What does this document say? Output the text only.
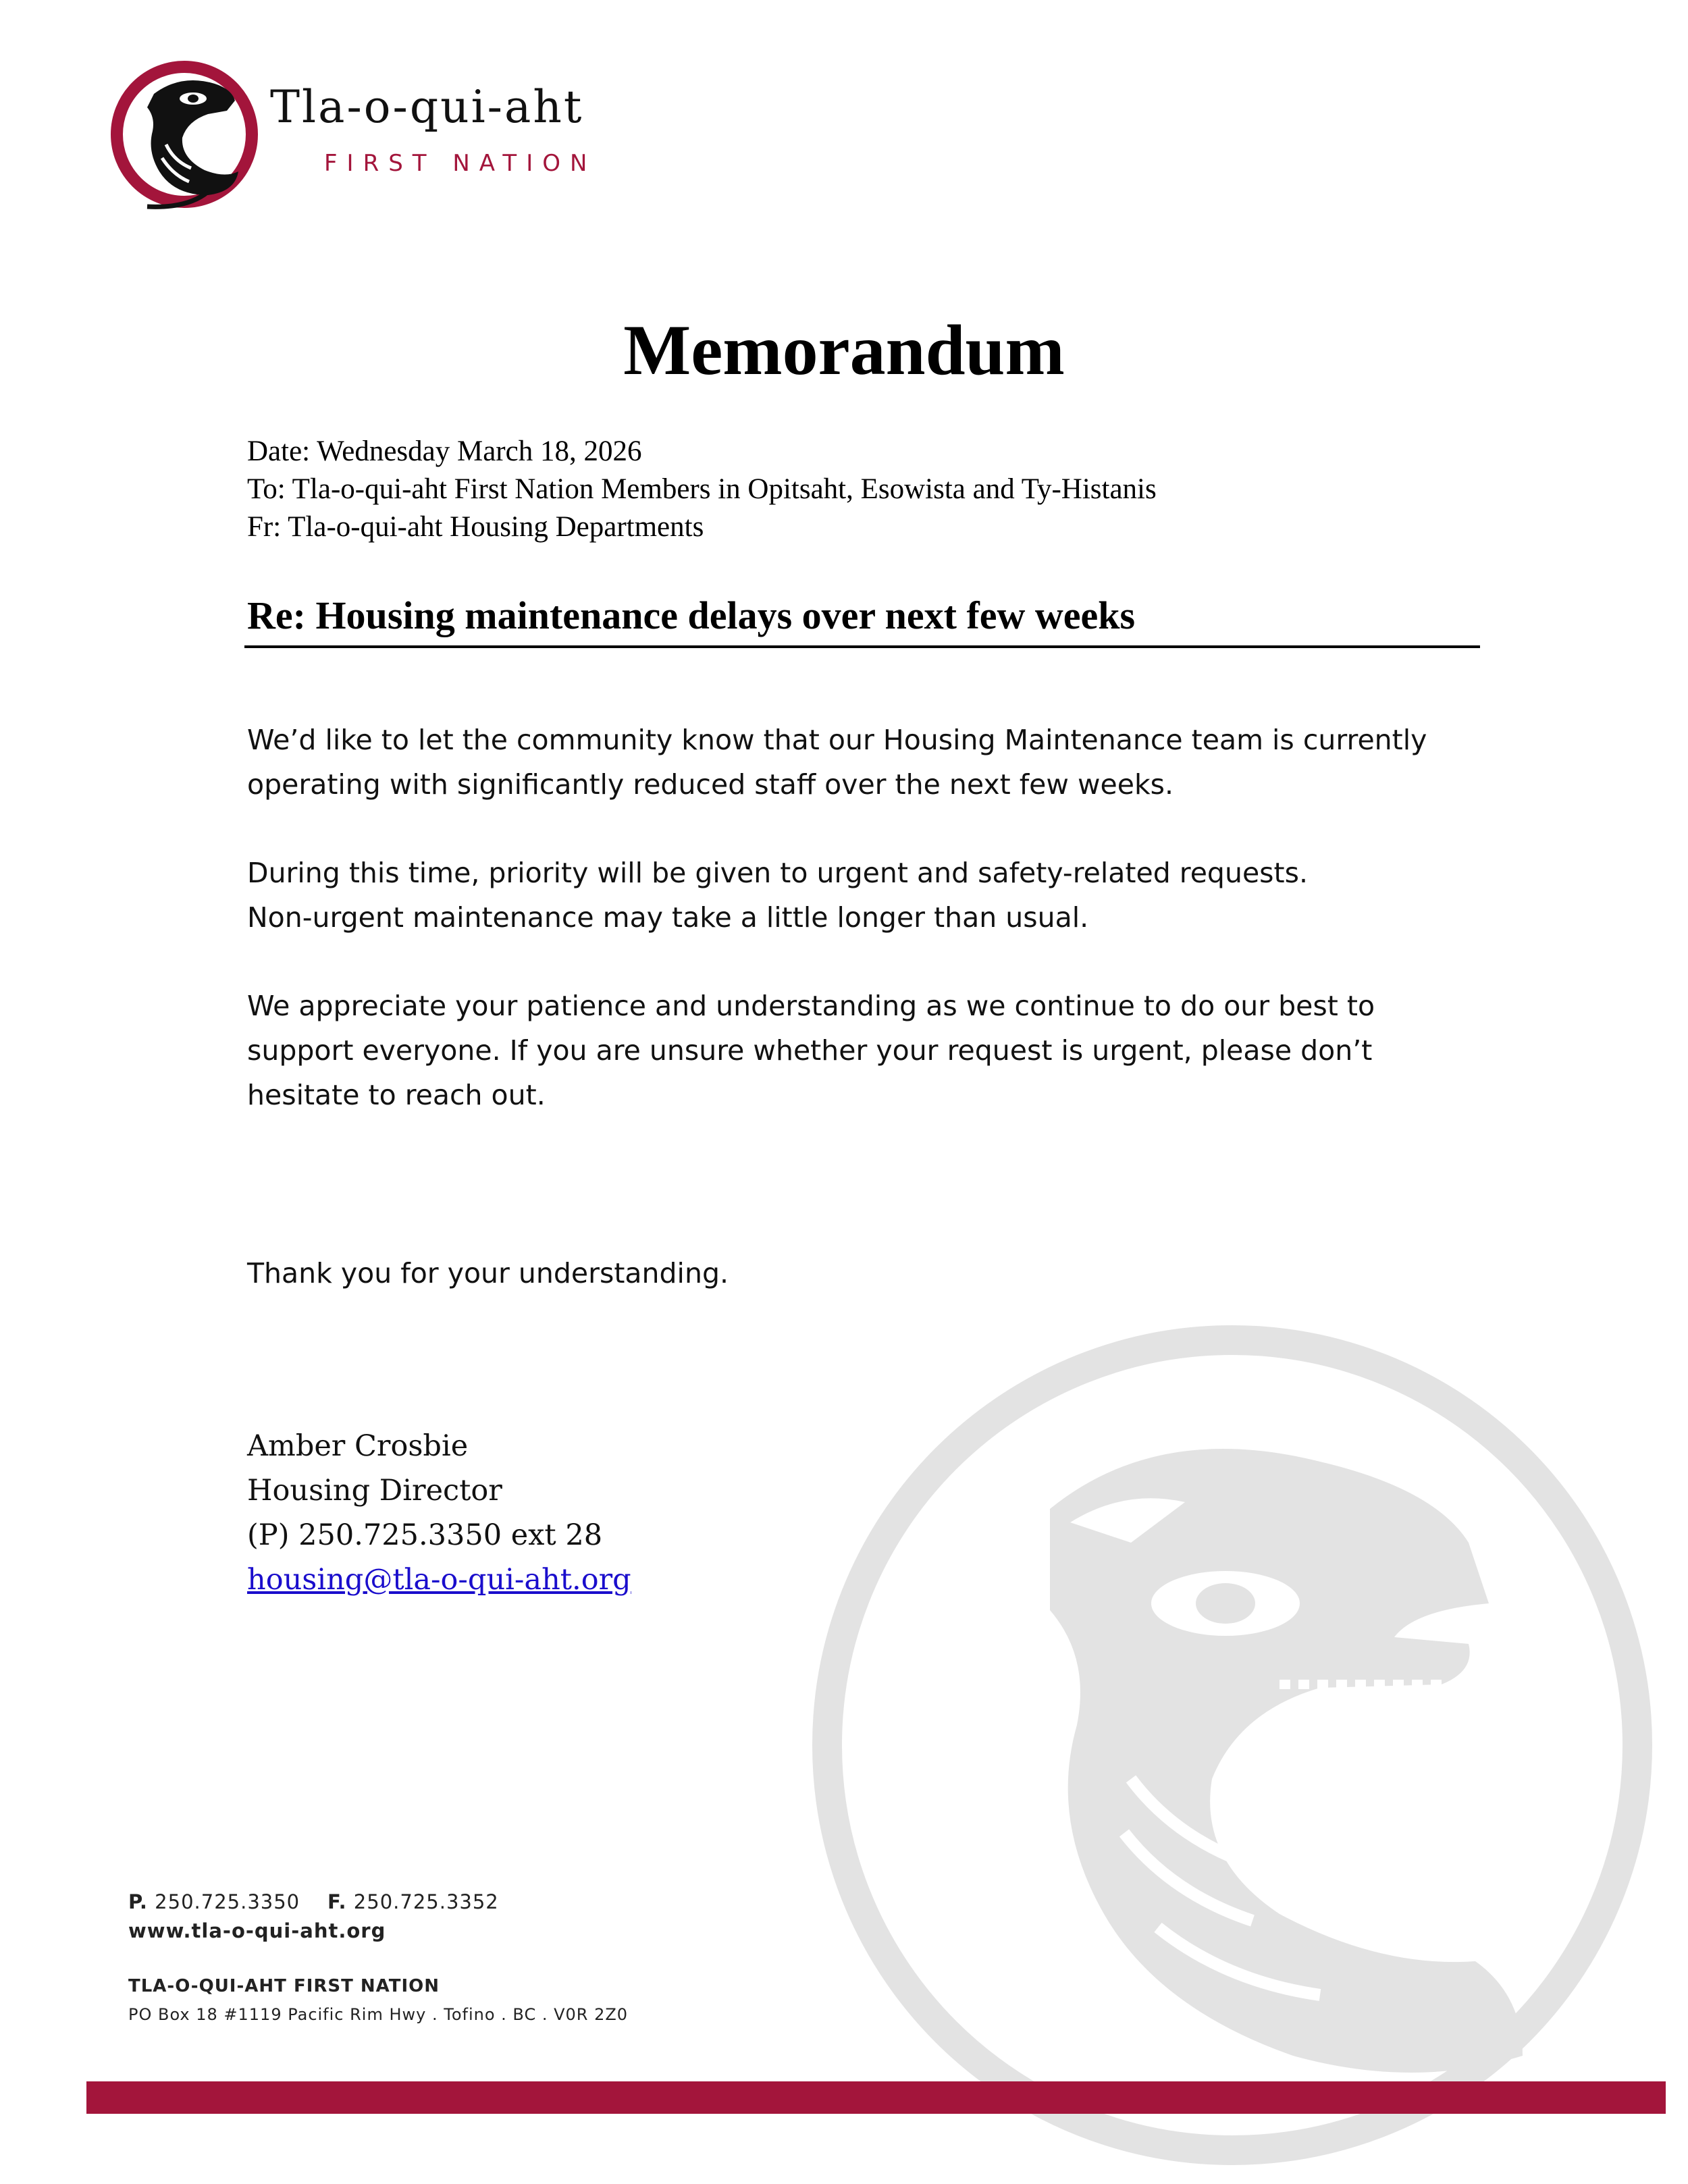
Tla-o-qui-aht
FIRST NATION
Memorandum
Date: Wednesday March 18, 2026
To: Tla-o-qui-aht First Nation Members in Opitsaht, Esowista and Ty-Histanis
Fr: Tla-o-qui-aht Housing Departments
Re: Housing maintenance delays over next few weeks
We’d like to let the community know that our Housing Maintenance team is currently
operating with significantly reduced staff over the next few weeks.
During this time, priority will be given to urgent and safety-related requests.
Non-urgent maintenance may take a little longer than usual.
We appreciate your patience and understanding as we continue to do our best to
support everyone. If you are unsure whether your request is urgent, please don’t
hesitate to reach out.
Thank you for your understanding.
Amber Crosbie
Housing Director
(P) 250.725.3350 ext 28
housing@tla-o-qui-aht.org
P. 250.725.3350 F. 250.725.3352
www.tla-o-qui-aht.org
TLA-O-QUI-AHT FIRST NATION
PO Box 18 #1119 Pacific Rim Hwy . Tofino . BC . V0R 2Z0
